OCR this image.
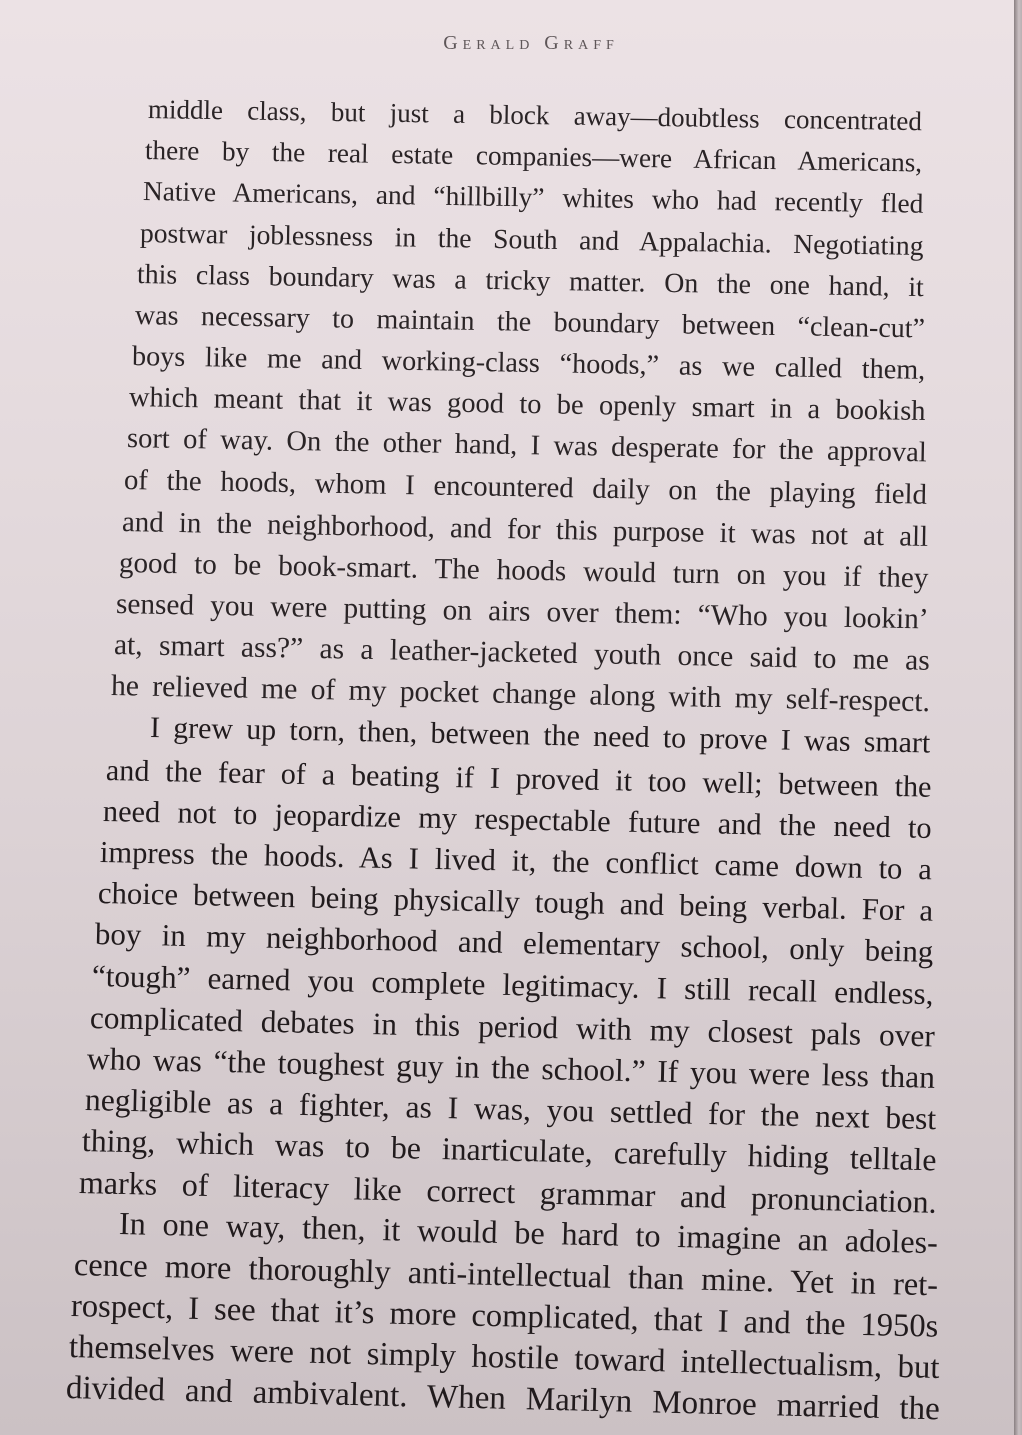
Gerald Graff

middle class, but just a block away—doubtless concentrated

there by the real estate companies—were African Americans,

Native Americans, and “hillbilly” whites who had recently fled

postwar joblessness in the South and Appalachia. Negotiating

this class boundary was a tricky matter. On the one hand, it

was necessary to maintain the boundary between “clean-cut”

boys like me and working-class “hoods,” as we called them,

which meant that it was good to be openly smart in a bookish

sort of way. On the other hand, I was desperate for the approval

of the hoods, whom I encountered daily on the playing field

and in the neighborhood, and for this purpose it was not at all

good to be book-smart. The hoods would turn on you if they

sensed you were putting on airs over them: “Who you lookin’

at, smart ass?” as a leather-jacketed youth once said to me as

he relieved me of my pocket change along with my self-respect.

I grew up torn, then, between the need to prove I was smart

and the fear of a beating if I proved it too well; between the

need not to jeopardize my respectable future and the need to

impress the hoods. As I lived it, the conflict came down to a

choice between being physically tough and being verbal. For a

boy in my neighborhood and elementary school, only being

“tough” earned you complete legitimacy. I still recall endless,

complicated debates in this period with my closest pals over

who was “the toughest guy in the school.” If you were less than

negligible as a fighter, as I was, you settled for the next best

thing, which was to be inarticulate, carefully hiding telltale

marks of literacy like correct grammar and pronunciation.

In one way, then, it would be hard to imagine an adoles-

cence more thoroughly anti-intellectual than mine. Yet in ret-

rospect, I see that it’s more complicated, that I and the 1950s

themselves were not simply hostile toward intellectualism, but

divided and ambivalent. When Marilyn Monroe married the
